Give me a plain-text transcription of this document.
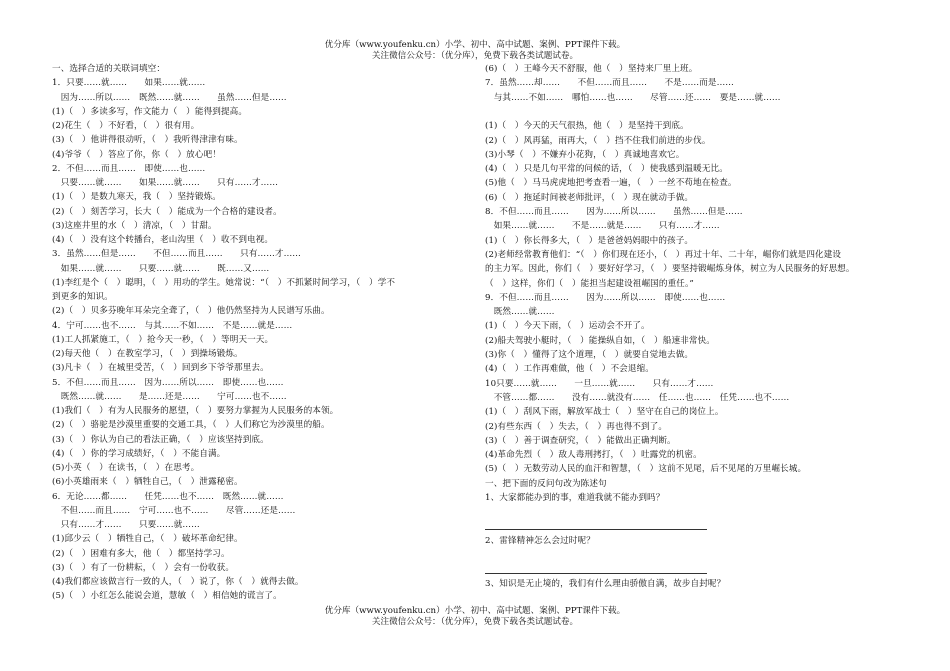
优分库（www.youfenku.cn）小学、初中、高中试题、案例、PPT课件下载。
关注微信公众号：（优分库），免费下载各类试题试卷。
一、选择合适的关联词填空：
1．只要……就……　　如果……就……
　因为……所以……　既然……就……　　虽然……但是……
(1)（　）多读多写，作文能力（　）能得到提高。
(2)花生（　）不好看，（　）很有用。
(3)（　）他讲得很动听，（　）我听得津津有味。
(4)爷爷（　）答应了你，你（　）放心吧！
2．不但……而且……　即使……也……
　只要……就……　　如果……就……　　只有……才……
(1)（　）是数九寒天，我（　）坚持锻炼。
(2)（　）刻苦学习，长大（　）能成为一个合格的建设者。
(3)这座井里的水（　）清凉，（　）甘甜。
(4)（　）没有这个转播台，老山沟里（　）收不到电视。
3．虽然……但是……　　不但……而且……　　只有……才……
　如果……就……　　只要……就……　　既……又……
(1)李红是个（　）聪明，（　）用功的学生。她常说：“（　）不抓紧时间学习，（　）学不
到更多的知识。
(2)（　）贝多芬晚年耳朵完全聋了，（　）他仍然坚持为人民谱写乐曲。
4．宁可……也不……　与其……不如……　不是……就是……
(1)工人抓紧施工，（　）抢今天一秒，（　）等明天一天。
(2)每天他（　）在教室学习，（　）到操场锻炼。
(3)凡卡（　）在城里受苦，（　）回到乡下爷爷那里去。
5．不但……而且……　因为……所以……　即使……也……
　既然……就……　　是……还是……　　宁可……也不……
(1)我们（　）有为人民服务的愿望，（　）要努力掌握为人民服务的本领。
(2)（　）骆驼是沙漠里重要的交通工具，（　）人们称它为沙漠里的船。
(3)（　）你认为自己的看法正确，（　）应该坚持到底。
(4)（　）你的学习成绩好，（　）不能自满。
(5)小英（　）在读书，（　）在思考。
(6)小英雄雨来（　）牺牲自己，（　）泄露秘密。
6．无论……都……　　任凭……也不……　既然……就……
　不但……而且……　宁可……也不……　　尽管……还是……
　只有……才……　　只要……就……
(1)邱少云（　）牺牲自己，（　）破坏革命纪律。
(2)（　）困难有多大，他（　）都坚持学习。
(3)（　）有了一份耕耘，（　）会有一份收获。
(4)我们都应该做言行一致的人，（　）说了，你（　）就得去做。
(5)（　）小红怎么能说会道，慧敏（　）相信她的谎言了。
(6)（　）王峰今天不舒服，他（　）坚持来厂里上班。
7．虽然……却……　　不但……而且……　　不是……而是……
　与其……不如……　哪怕……也……　　尽管……还……　要是……就……
(1)（　）今天的天气很热，他（　）是坚持干到底。
(2)（　）风再猛，雨再大，（　）挡不住我们前进的步伐。
(3)小琴（　）不嫌弃小花狗，（　）真诚地喜欢它。
(4)（　）只是几句平常的问候的话，（　）使我感到温暖无比。
(5)他（　）马马虎虎地把考查看一遍，（　）一丝不苟地在检查。
(6)（　）拖延时间被老师批评，（　）现在就动手做。
8．不但……而且……　　因为……所以……　　虽然……但是……
　如果……就……　　不是……就是……　　只有……才……
(1)（　）你长得多大，（　）是爸爸妈妈眼中的孩子。
(2)老师经常教育他们：“（　）你们现在还小，（　）再过十年、二十年，崛你们就是四化建设
的主力军。因此，你们（　）要好好学习，（　）要坚持锻崛炼身体，树立为人民服务的好思想。
（　）这样，你们（　）能担当起建设祖崛国的重任。”
9．不但……而且……　　因为……所以……　即使……也……
　既然……就……
(1)（　）今天下雨，（　）运动会不开了。
(2)船夫驾驶小艇时，（　）能操纵自如，（　）船速非常快。
(3)你（　）懂得了这个道理，（　）就要自觉地去做。
(4)（　）工作再难做，他（　）不会退缩。
10只要……就……　　一旦……就……　　只有……才……
　不管……都……　　没有……就没有……　任……也……　任凭……也不……
(1)（　）刮风下雨，解放军战士（　）坚守在自己的岗位上。
(2)有些东西（　）失去，（　）再也得不到了。
(3)（　）善于调查研究，（　）能做出正确判断。
(4)革命先烈（　）敌人毒刑拷打，（　）吐露党的机密。
(5)（　）无数劳动人民的血汗和智慧，（　）这前不见尾，后不见尾的万里崛长城。
一、把下面的反问句改为陈述句
1、大家都能办到的事，难道我就不能办到吗？
2、雷锋精神怎么会过时呢？
3、知识是无止境的，我们有什么理由骄傲自满，故步自封呢？
优分库（www.youfenku.cn）小学、初中、高中试题、案例、PPT课件下载。
关注微信公众号：（优分库），免费下载各类试题试卷。
